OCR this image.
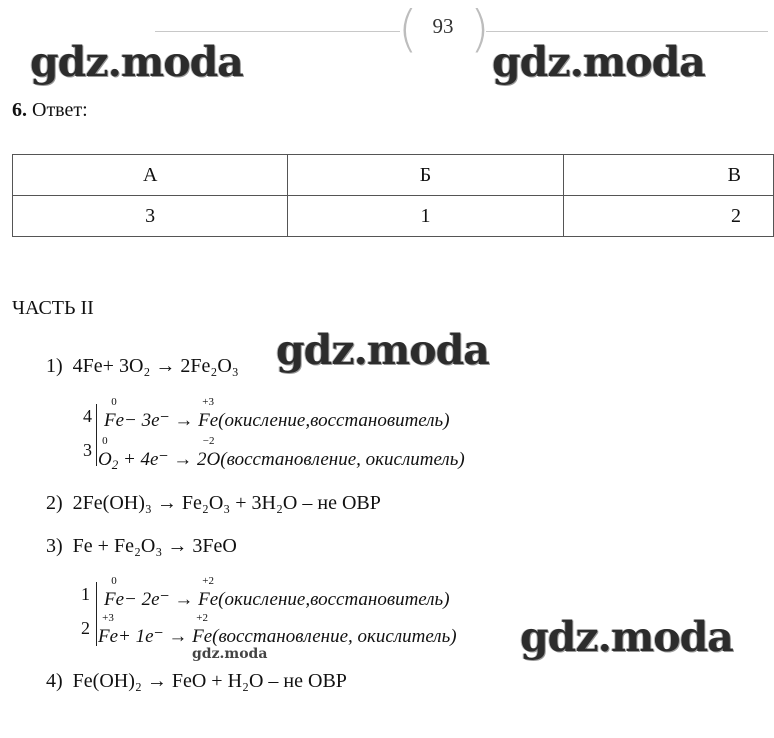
( )
93
gdz.moda	gdz.moda
gdz.moda
gdz.moda
gdz.moda
6. Ответ:
А	Б	В
3	1	2
ЧАСТЬ II
1) 4Fe+ 3O₂ → 2Fe₂O₃
4
3
0
Fe− 3e⁻ →
+3
Fe(окисление,восстановитель)
0
$O_2 + 4e^-$ →
−2
2O(восстановление, окислитель)
2) 2Fe(OH)₃ → Fe₂O₃ + 3H₂O – не ОВР
3) Fe + Fe₂O₃ → 3FeO
1
2
0
Fe− 2e⁻ →
+2
Fe(окисление,восстановитель)
+3
Fe+ 1e⁻ →
+2
Fe(восстановление, окислитель)
4) Fe(OH)₂ → FeO + H₂O – не ОВР
